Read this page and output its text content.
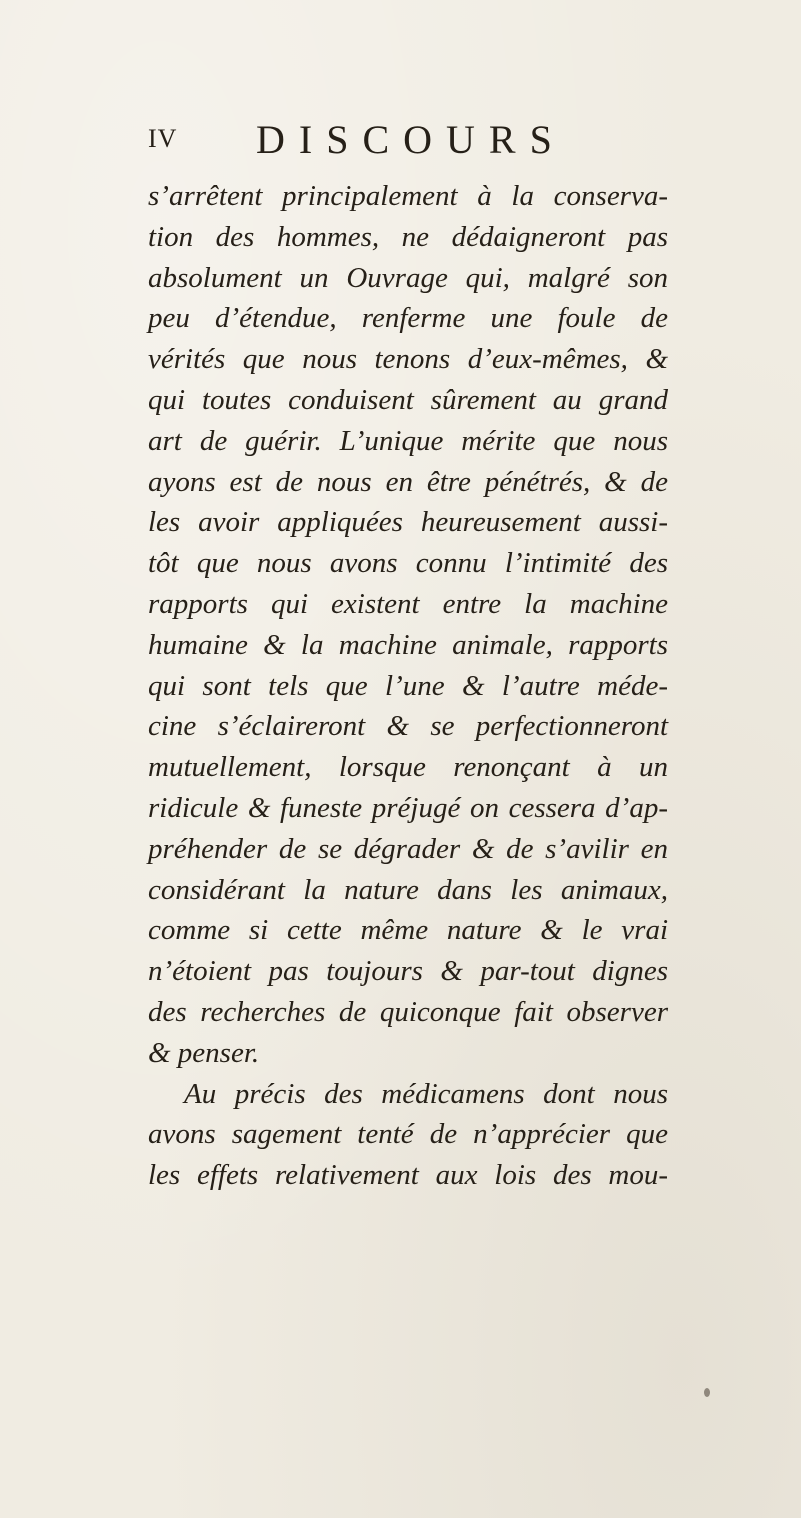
IV DISCOURS
s’arrêtent principalement à la conserva-
tion des hommes, ne dédaigneront pas
absolument un Ouvrage qui, malgré son
peu d’étendue, renferme une foule de
vérités que nous tenons d’eux-mêmes, &
qui toutes conduisent sûrement au grand
art de guérir. L’unique mérite que nous
ayons est de nous en être pénétrés, & de
les avoir appliquées heureusement aussi-
tôt que nous avons connu l’intimité des
rapports qui existent entre la machine
humaine & la machine animale, rapports
qui sont tels que l’une & l’autre méde-
cine s’éclaireront & se perfectionneront
mutuellement, lorsque renonçant à un
ridicule & funeste préjugé on cessera d’ap-
préhender de se dégrader & de s’avilir en
considérant la nature dans les animaux,
comme si cette même nature & le vrai
n’étoient pas toujours & par-tout dignes
des recherches de quiconque fait observer
& penser.
Au précis des médicamens dont nous
avons sagement tenté de n’apprécier que
les effets relativement aux lois des mou-
